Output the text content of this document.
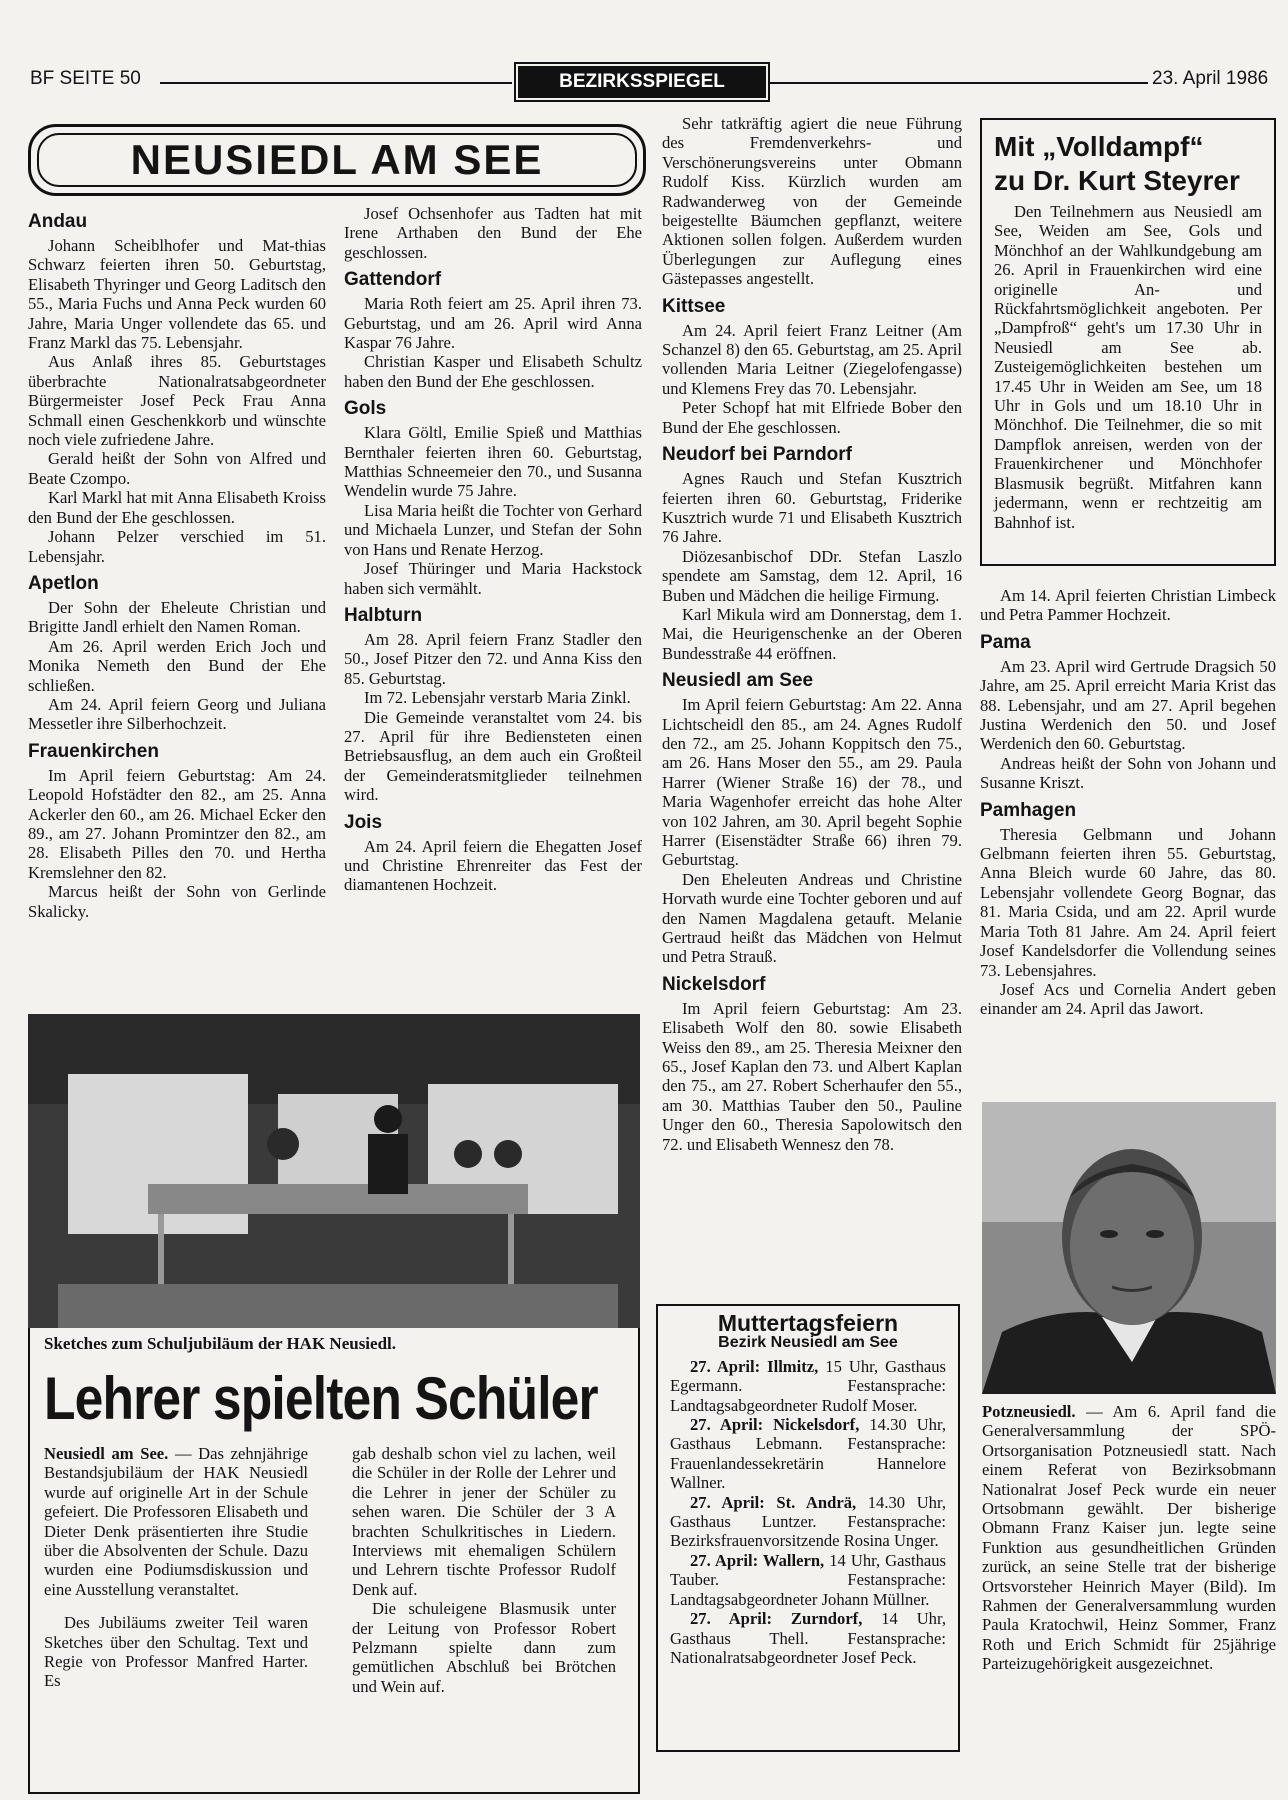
BF SEITE 50	BEZIRKSSPIEGEL	23. April 1986
NEUSIEDL AM SEE
Andau

Johann Scheiblhofer und Mat-thias Schwarz feierten ihren 50. Geburtstag, Elisabeth Thyringer und Georg Laditsch den 55., Maria Fuchs und Anna Peck wurden 60 Jahre, Maria Unger vollendete das 65. und Franz Markl das 75. Lebensjahr.

Aus Anlaß ihres 85. Geburtstages überbrachte Nationalratsabgeordneter Bürgermeister Josef Peck Frau Anna Schmall einen Geschenkkorb und wünschte noch viele zufriedene Jahre.

Gerald heißt der Sohn von Alfred und Beate Czompo.

Karl Markl hat mit Anna Elisabeth Kroiss den Bund der Ehe geschlossen.

Johann Pelzer verschied im 51. Lebensjahr.

Apetlon

Der Sohn der Eheleute Christian und Brigitte Jandl erhielt den Namen Roman.

Am 26. April werden Erich Joch und Monika Nemeth den Bund der Ehe schließen.

Am 24. April feiern Georg und Juliana Messetler ihre Silberhochzeit.

Frauenkirchen

Im April feiern Geburtstag: Am 24. Leopold Hofstädter den 82., am 25. Anna Ackerler den 60., am 26. Michael Ecker den 89., am 27. Johann Promintzer den 82., am 28. Elisabeth Pilles den 70. und Hertha Kremslehner den 82.

Marcus heißt der Sohn von Gerlinde Skalicky.

Josef Ochsenhofer aus Tadten hat mit Irene Arthaben den Bund der Ehe geschlossen.

Gattendorf

Maria Roth feiert am 25. April ihren 73. Geburtstag, und am 26. April wird Anna Kaspar 76 Jahre.

Christian Kasper und Elisabeth Schultz haben den Bund der Ehe geschlossen.

Gols

Klara Göltl, Emilie Spieß und Matthias Bernthaler feierten ihren 60. Geburtstag, Matthias Schneemeier den 70., und Susanna Wendelin wurde 75 Jahre.

Lisa Maria heißt die Tochter von Gerhard und Michaela Lunzer, und Stefan der Sohn von Hans und Renate Herzog.

Josef Thüringer und Maria Hackstock haben sich vermählt.

Halbturn

Am 28. April feiern Franz Stadler den 50., Josef Pitzer den 72. und Anna Kiss den 85. Geburtstag.

Im 72. Lebensjahr verstarb Maria Zinkl.

Die Gemeinde veranstaltet vom 24. bis 27. April für ihre Bediensteten einen Betriebsausflug, an dem auch ein Großteil der Gemeinderatsmitglieder teilnehmen wird.

Jois

Am 24. April feiern die Ehegatten Josef und Christine Ehrenreiter das Fest der diamantenen Hochzeit.

Sehr tatkräftig agiert die neue Führung des Fremdenverkehrs- und Verschönerungsvereins unter Obmann Rudolf Kiss. Kürzlich wurden am Radwanderweg von der Gemeinde beigestellte Bäumchen gepflanzt, weitere Aktionen sollen folgen. Außerdem wurden Überlegungen zur Auflegung eines Gästepasses angestellt.

Kittsee

Am 24. April feiert Franz Leitner (Am Schanzel 8) den 65. Geburtstag, am 25. April vollenden Maria Leitner (Ziegelofengasse) und Klemens Frey das 70. Lebensjahr.

Peter Schopf hat mit Elfriede Bober den Bund der Ehe geschlossen.

Neudorf bei Parndorf

Agnes Rauch und Stefan Kusztrich feierten ihren 60. Geburtstag, Friderike Kusztrich wurde 71 und Elisabeth Kusztrich 76 Jahre.

Diözesanbischof DDr. Stefan Laszlo spendete am Samstag, dem 12. April, 16 Buben und Mädchen die heilige Firmung.

Karl Mikula wird am Donnerstag, dem 1. Mai, die Heurigenschenke an der Oberen Bundesstraße 44 eröffnen.

Neusiedl am See

Im April feiern Geburtstag: Am 22. Anna Lichtscheidl den 85., am 24. Agnes Rudolf den 72., am 25. Johann Koppitsch den 75., am 26. Hans Moser den 55., am 29. Paula Harrer (Wiener Straße 16) der 78., und Maria Wagenhofer erreicht das hohe Alter von 102 Jahren, am 30. April begeht Sophie Harrer (Eisenstädter Straße 66) ihren 79. Geburtstag.

Den Eheleuten Andreas und Christine Horvath wurde eine Tochter geboren und auf den Namen Magdalena getauft. Melanie Gertraud heißt das Mädchen von Helmut und Petra Strauß.

Nickelsdorf

Im April feiern Geburtstag: Am 23. Elisabeth Wolf den 80. sowie Elisabeth Weiss den 89., am 25. Theresia Meixner den 65., Josef Kaplan den 73. und Albert Kaplan den 75., am 27. Robert Scherhaufer den 55., am 30. Matthias Tauber den 50., Pauline Unger den 60., Theresia Sapolowitsch den 72. und Elisabeth Wennesz den 78.

Muttertagsfeiern
Bezirk Neusiedl am See

27. April: Illmitz, 15 Uhr, Gasthaus Egermann. Festansprache: Landtagsabgeordneter Rudolf Moser.

27. April: Nickelsdorf, 14.30 Uhr, Gasthaus Lebmann. Festansprache: Frauenlandessekretärin Hannelore Wallner.

27. April: St. Andrä, 14.30 Uhr, Gasthaus Luntzer. Festansprache: Bezirksfrauenvorsitzende Rosina Unger.

27. April: Wallern, 14 Uhr, Gasthaus Tauber. Festansprache: Landtagsabgeordneter Johann Müllner.

27. April: Zurndorf, 14 Uhr, Gasthaus Thell. Festansprache: Nationalratsabgeordneter Josef Peck.

Mit „Volldampf“
zu Dr. Kurt Steyrer

Den Teilnehmern aus Neusiedl am See, Weiden am See, Gols und Mönchhof an der Wahlkundgebung am 26. April in Frauenkirchen wird eine originelle An- und Rückfahrtsmöglichkeit angeboten. Per „Dampfroß“ geht's um 17.30 Uhr in Neusiedl am See ab. Zusteigemöglichkeiten bestehen um 17.45 Uhr in Weiden am See, um 18 Uhr in Gols und um 18.10 Uhr in Mönchhof. Die Teilnehmer, die so mit Dampflok anreisen, werden von der Frauenkirchener und Mönchhofer Blasmusik begrüßt. Mitfahren kann jedermann, wenn er rechtzeitig am Bahnhof ist.

Am 14. April feierten Christian Limbeck und Petra Pammer Hochzeit.

Pama

Am 23. April wird Gertrude Dragsich 50 Jahre, am 25. April erreicht Maria Krist das 88. Lebensjahr, und am 27. April begehen Justina Werdenich den 50. und Josef Werdenich den 60. Geburtstag.

Andreas heißt der Sohn von Johann und Susanne Kriszt.

Pamhagen

Theresia Gelbmann und Johann Gelbmann feierten ihren 55. Geburtstag, Anna Bleich wurde 60 Jahre, das 80. Lebensjahr vollendete Georg Bognar, das 81. Maria Csida, und am 22. April wurde Maria Toth 81 Jahre. Am 24. April feiert Josef Kandelsdorfer die Vollendung seines 73. Lebensjahres.

Josef Acs und Cornelia Andert geben einander am 24. April das Jawort.

Potzneusiedl. — Am 6. April fand die Generalversammlung der SPÖ-Ortsorganisation Potzneusiedl statt. Nach einem Referat von Bezirksobmann Nationalrat Josef Peck wurde ein neuer Ortsobmann gewählt. Der bisherige Obmann Franz Kaiser jun. legte seine Funktion aus gesundheitlichen Gründen zurück, an seine Stelle trat der bisherige Ortsvorsteher Heinrich Mayer (Bild). Im Rahmen der Generalversammlung wurden Paula Kratochwil, Heinz Sommer, Franz Roth und Erich Schmidt für 25jährige Parteizugehörigkeit ausgezeichnet.

Sketches zum Schuljubiläum der HAK Neusiedl.
Lehrer spielten Schüler

Neusiedl am See. — Das zehnjährige Bestandsjubiläum der HAK Neusiedl wurde auf originelle Art in der Schule gefeiert. Die Professoren Elisabeth und Dieter Denk präsentierten ihre Studie über die Absolventen der Schule. Dazu wurden eine Podiumsdiskussion und eine Ausstellung veranstaltet.

Des Jubiläums zweiter Teil waren Sketches über den Schultag. Text und Regie von Professor Manfred Harter. Es

gab deshalb schon viel zu lachen, weil die Schüler in der Rolle der Lehrer und die Lehrer in jener der Schüler zu sehen waren. Die Schüler der 3 A brachten Schulkritisches in Liedern. Interviews mit ehemaligen Schülern und Lehrern tischte Professor Rudolf Denk auf.

Die schuleigene Blasmusik unter der Leitung von Professor Robert Pelzmann spielte dann zum gemütlichen Abschluß bei Brötchen und Wein auf.
